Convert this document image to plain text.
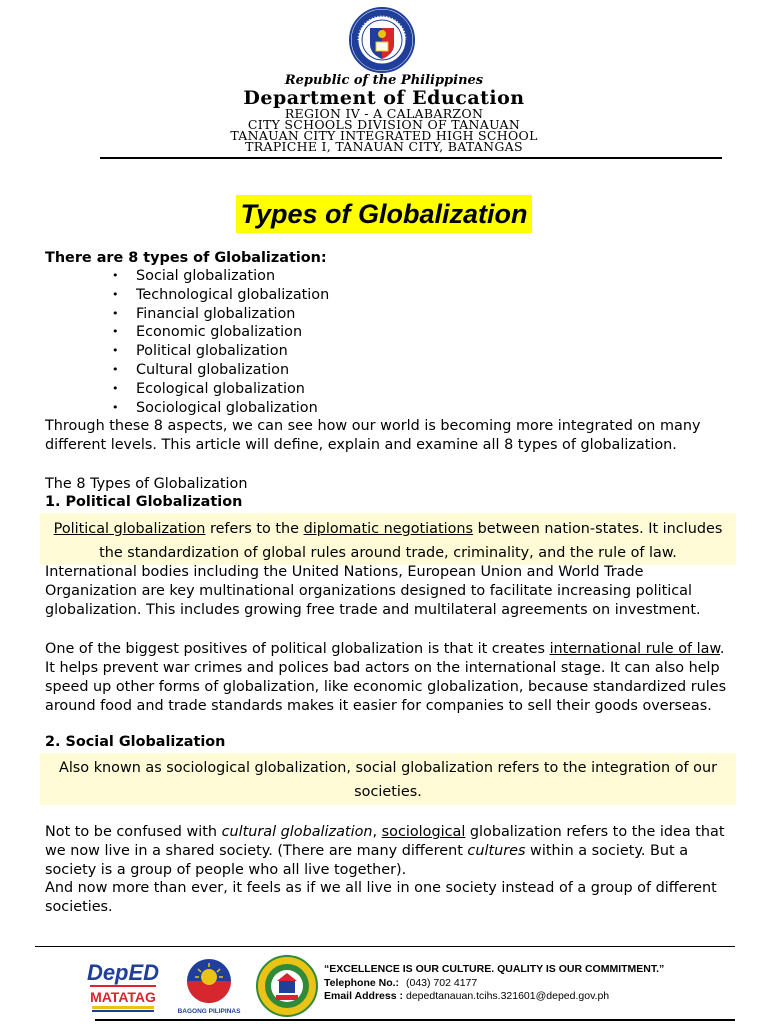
Republic of the Philippines
Department of Education
REGION IV - A CALABARZON
CITY SCHOOLS DIVISION OF TANAUAN
TANAUAN CITY INTEGRATED HIGH SCHOOL
TRAPICHE I, TANAUAN CITY, BATANGAS
Types of Globalization
There are 8 types of Globalization:
• Social globalization
• Technological globalization
• Financial globalization
• Economic globalization
• Political globalization
• Cultural globalization
• Ecological globalization
• Sociological globalization
Through these 8 aspects, we can see how our world is becoming more integrated on many different levels. This article will define, explain and examine all 8 types of globalization.
The 8 Types of Globalization
1. Political Globalization
Political globalization refers to the diplomatic negotiations between nation-states. It includes the standardization of global rules around trade, criminality, and the rule of law.
International bodies including the United Nations, European Union and World Trade Organization are key multinational organizations designed to facilitate increasing political globalization. This includes growing free trade and multilateral agreements on investment.
One of the biggest positives of political globalization is that it creates international rule of law. It helps prevent war crimes and polices bad actors on the international stage. It can also help speed up other forms of globalization, like economic globalization, because standardized rules around food and trade standards makes it easier for companies to sell their goods overseas.
2. Social Globalization
Also known as sociological globalization, social globalization refers to the integration of our societies.
Not to be confused with cultural globalization, sociological globalization refers to the idea that we now live in a shared society. (There are many different cultures within a society. But a society is a group of people who all live together).
And now more than ever, it feels as if we all live in one society instead of a group of different societies.
DepED
MATATAG
BAGONG PILIPINAS
“EXCELLENCE IS OUR CULTURE. QUALITY IS OUR COMMITMENT.”
Telephone No.: (043) 702 4177
Email Address : depedtanauan.tcihs.321601@deped.gov.ph
